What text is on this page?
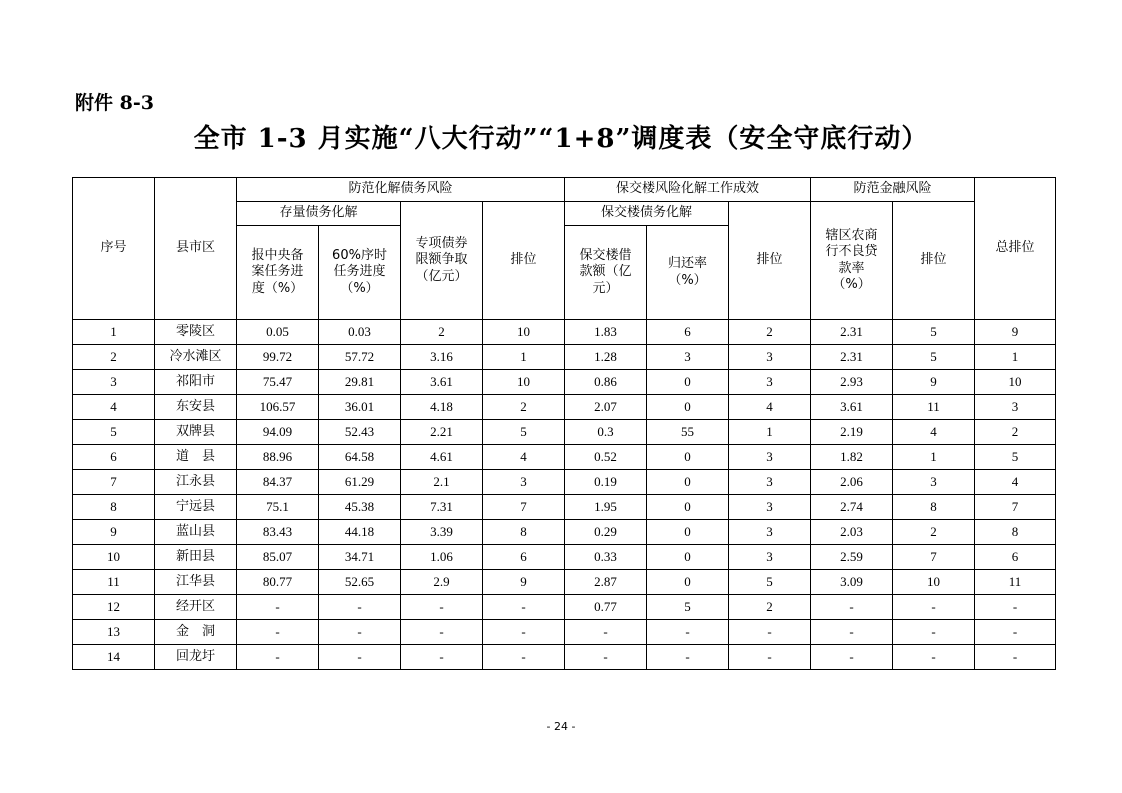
附件 8-3
全市 1-3 月实施“八大行动”“1+8”调度表（安全守底行动）
序号	县市区	防范化解债务风险				保交楼风险化解工作成效			防范金融风险		总排位
		存量债务化解		专项债券限额争取（亿元）	排位	保交楼债务化解		排位	辖区农商行不良贷款率（%）	排位	
		报中央备案任务进度（%）	60%序时任务进度（%）			保交楼借款额（亿元）	归还率（%）				
1	零陵区	0.05	0.03	2	10	1.83	6	2	2.31	5	9
2	冷水滩区	99.72	57.72	3.16	1	1.28	3	3	2.31	5	1
3	祁阳市	75.47	29.81	3.61	10	0.86	0	3	2.93	9	10
4	东安县	106.57	36.01	4.18	2	2.07	0	4	3.61	11	3
5	双牌县	94.09	52.43	2.21	5	0.3	55	1	2.19	4	2
6	道　县	88.96	64.58	4.61	4	0.52	0	3	1.82	1	5
7	江永县	84.37	61.29	2.1	3	0.19	0	3	2.06	3	4
8	宁远县	75.1	45.38	7.31	7	1.95	0	3	2.74	8	7
9	蓝山县	83.43	44.18	3.39	8	0.29	0	3	2.03	2	8
10	新田县	85.07	34.71	1.06	6	0.33	0	3	2.59	7	6
11	江华县	80.77	52.65	2.9	9	2.87	0	5	3.09	10	11
12	经开区	-	-	-	-	0.77	5	2	-	-	-
13	金　洞	-	-	-	-	-	-	-	-	-	-
14	回龙圩	-	-	-	-	-	-	-	-	-	-
- 24 -
